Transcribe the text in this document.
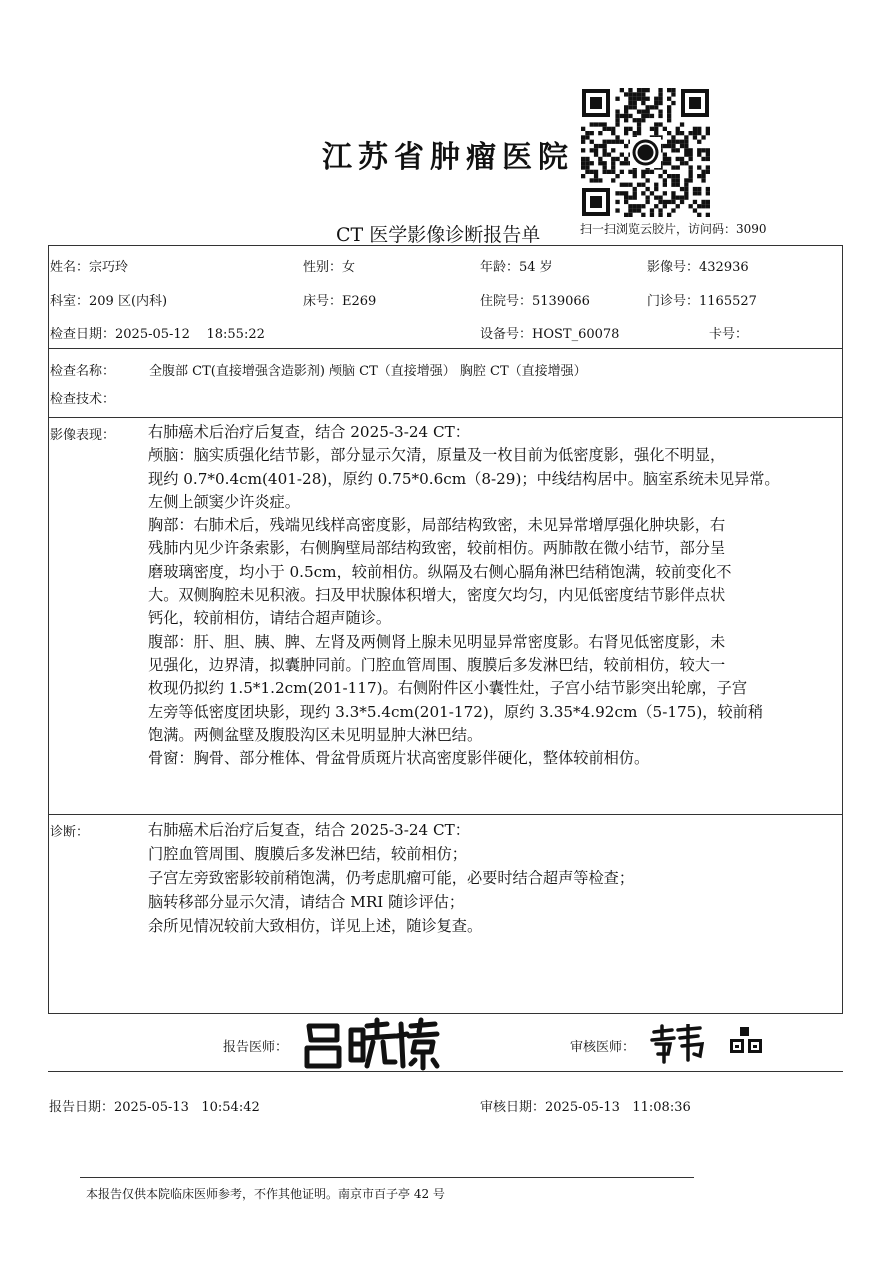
江苏省肿瘤医院
扫一扫浏览云胶片，访问码：3090
CT 医学影像诊断报告单
姓名：宗巧玲	性别：女	年龄：54 岁	影像号：432936
科室：209 区(内科)	床号：E269	住院号：5139066	门诊号：1165527
检查日期：2025-05-12    18:55:22	设备号：HOST_60078	卡号：
检查名称：	全腹部 CT(直接增强含造影剂) 颅脑 CT（直接增强） 胸腔 CT（直接增强）
检查技术：
影像表现： 右肺癌术后治疗后复查，结合 2025-3-24 CT：
颅脑：脑实质强化结节影，部分显示欠清，原量及一枚目前为低密度影，强化不明显，
现约 0.7*0.4cm(401-28)，原约 0.75*0.6cm（8-29)；中线结构居中。脑室系统未见异常。
左侧上颌窦少许炎症。
胸部：右肺术后，残端见线样高密度影，局部结构致密，未见异常增厚强化肿块影，右
残肺内见少许条索影，右侧胸壁局部结构致密，较前相仿。两肺散在微小结节，部分呈
磨玻璃密度，均小于 0.5cm，较前相仿。纵隔及右侧心膈角淋巴结稍饱满，较前变化不
大。双侧胸腔未见积液。扫及甲状腺体积增大，密度欠均匀，内见低密度结节影伴点状
钙化，较前相仿，请结合超声随诊。
腹部：肝、胆、胰、脾、左肾及两侧肾上腺未见明显异常密度影。右肾见低密度影，未
见强化，边界清，拟囊肿同前。门腔血管周围、腹膜后多发淋巴结，较前相仿，较大一
枚现仍拟约 1.5*1.2cm(201-117)。右侧附件区小囊性灶，子宫小结节影突出轮廓，子宫
左旁等低密度团块影，现约 3.3*5.4cm(201-172)，原约 3.35*4.92cm（5-175)，较前稍
饱满。两侧盆壁及腹股沟区未见明显肿大淋巴结。
骨窗：胸骨、部分椎体、骨盆骨质斑片状高密度影伴硬化，整体较前相仿。
诊断：	右肺癌术后治疗后复查，结合 2025-3-24 CT：
门腔血管周围、腹膜后多发淋巴结，较前相仿；
子宫左旁致密影较前稍饱满，仍考虑肌瘤可能，必要时结合超声等检查；
脑转移部分显示欠清，请结合 MRI 随诊评估；
余所见情况较前大致相仿，详见上述，随诊复查。
报告医师：	审核医师：
报告日期：2025-05-13   10:54:42	审核日期：2025-05-13   11:08:36
本报告仅供本院临床医师参考，不作其他证明。南京市百子亭 42 号
